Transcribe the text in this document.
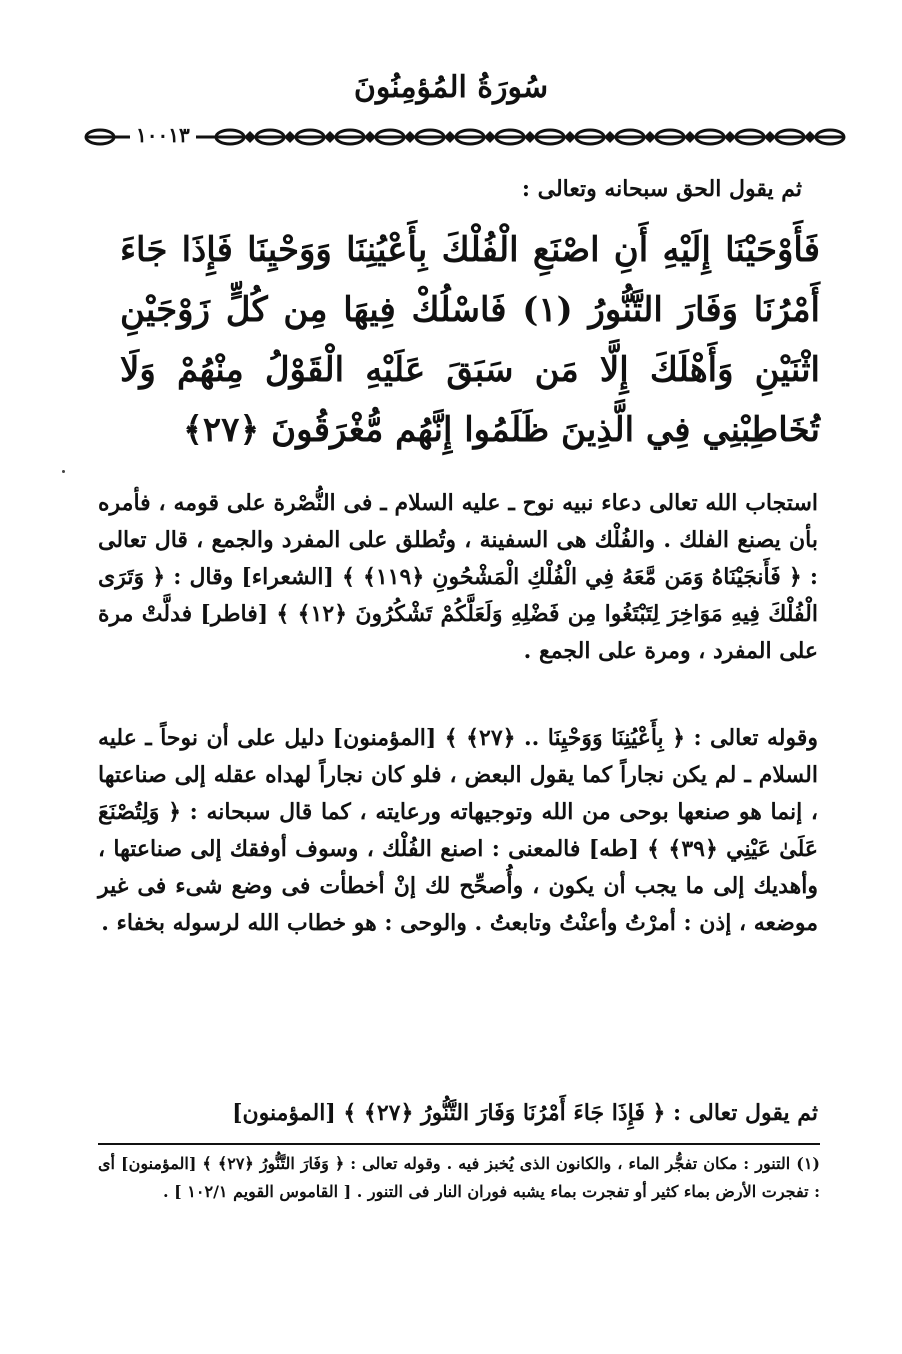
سُورَةُ المُؤمِنُونَ
١٠٠١٣
ثم يقول الحق سبحانه وتعالى :
فَأَوْحَيْنَا إِلَيْهِ أَنِ اصْنَعِ الْفُلْكَ بِأَعْيُنِنَا وَوَحْيِنَا فَإِذَا جَاءَ أَمْرُنَا وَفَارَ التَّنُّورُ (١) فَاسْلُكْ فِيهَا مِن كُلٍّ زَوْجَيْنِ اثْنَيْنِ وَأَهْلَكَ إِلَّا مَن سَبَقَ عَلَيْهِ الْقَوْلُ مِنْهُمْ وَلَا تُخَاطِبْنِي فِي الَّذِينَ ظَلَمُوا إِنَّهُم مُّغْرَقُونَ ﴿٢٧﴾
استجاب الله تعالى دعاء نبيه نوح ـ عليه السلام ـ فى النُّصْرة على قومه ، فأمره بأن يصنع الفلك . والفُلْك هى السفينة ، وتُطلق على المفرد والجمع ، قال تعالى : ﴿ فَأَنجَيْنَاهُ وَمَن مَّعَهُ فِي الْفُلْكِ الْمَشْحُونِ ﴿١١٩﴾ ﴾ [الشعراء] وقال : ﴿ وَتَرَى الْفُلْكَ فِيهِ مَوَاخِرَ لِتَبْتَغُوا مِن فَضْلِهِ وَلَعَلَّكُمْ تَشْكُرُونَ ﴿١٢﴾ ﴾ [فاطر] فدلَّتْ مرة على المفرد ، ومرة على الجمع .
وقوله تعالى : ﴿ بِأَعْيُنِنَا وَوَحْيِنَا .. ﴿٢٧﴾ ﴾ [المؤمنون] دليل على أن نوحاً ـ عليه السلام ـ لم يكن نجاراً كما يقول البعض ، فلو كان نجاراً لهداه عقله إلى صناعتها ، إنما هو صنعها بوحى من الله وتوجيهاته ورعايته ، كما قال سبحانه : ﴿ وَلِتُصْنَعَ عَلَىٰ عَيْنِي ﴿٣٩﴾ ﴾ [طه] فالمعنى : اصنع الفُلْك ، وسوف أوفقك إلى صناعتها ، وأهديك إلى ما يجب أن يكون ، وأُصحِّح لك إنْ أخطأت فى وضع شىء فى غير موضعه ، إذن : أمرْتُ وأعنْتُ وتابعتُ . والوحى : هو خطاب الله لرسوله بخفاء .
ثم يقول تعالى : ﴿ فَإِذَا جَاءَ أَمْرُنَا وَفَارَ التَّنُّورُ ﴿٢٧﴾ ﴾ [المؤمنون]
(١) التنور : مكان تفجُّر الماء ، والكانون الذى يُخبز فيه . وقوله تعالى : ﴿ وَفَارَ التَّنُّورُ ﴿٢٧﴾ ﴾ [المؤمنون] أى : تفجرت الأرض بماء كثير أو تفجرت بماء يشبه فوران النار فى التنور . [ القاموس القويم ١٠٢/١ ] .
